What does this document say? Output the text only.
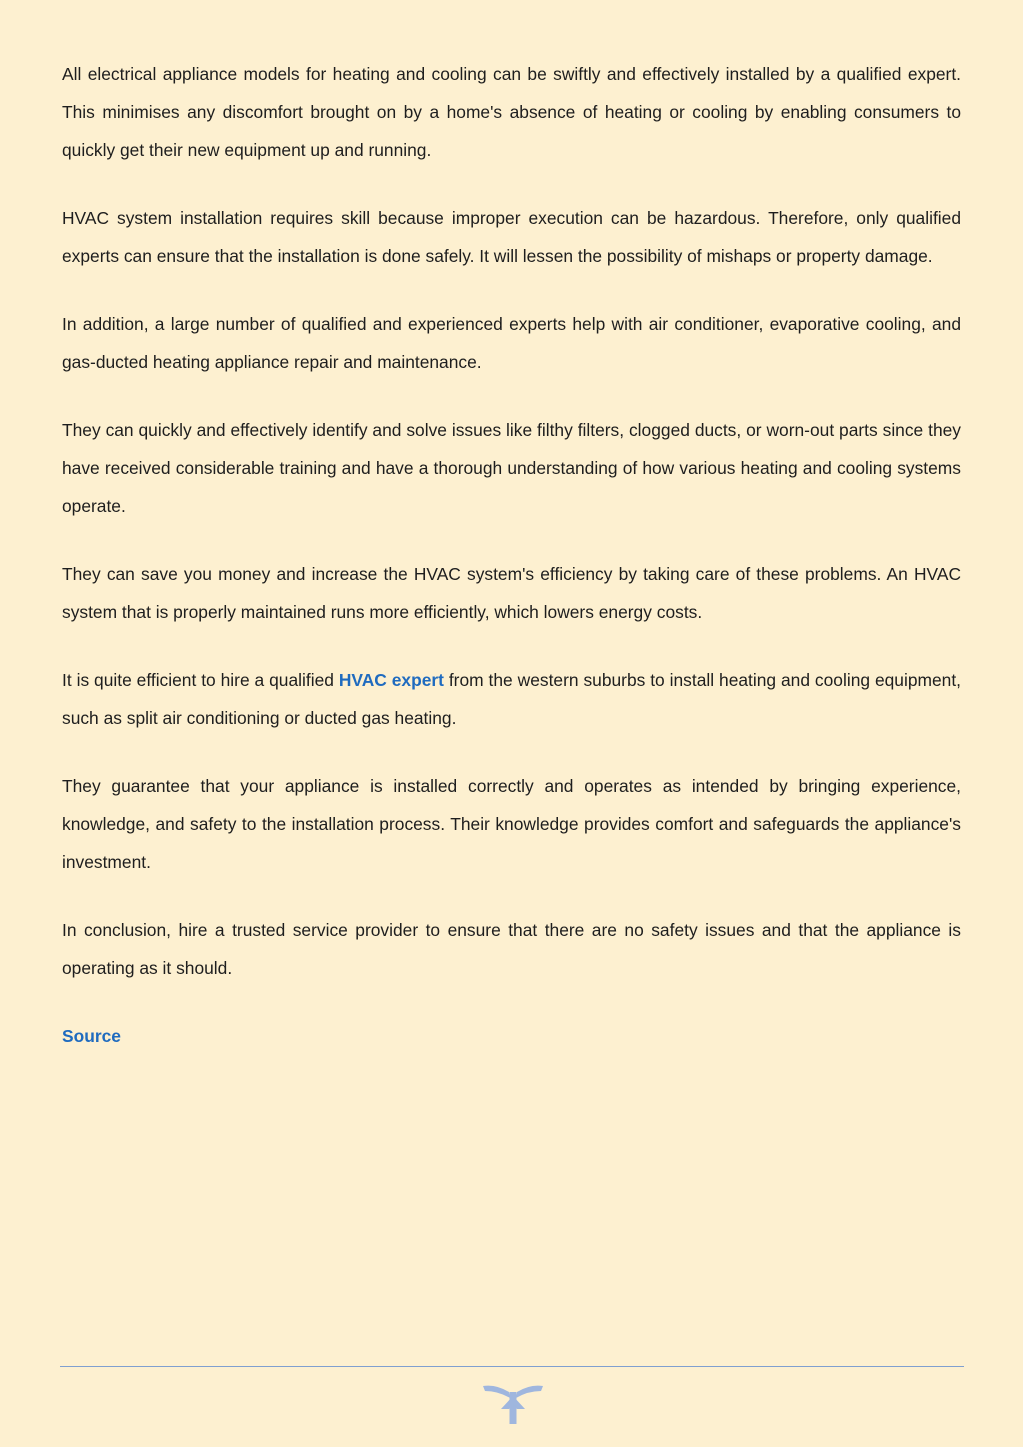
All electrical appliance models for heating and cooling can be swiftly and effectively installed by a qualified expert. This minimises any discomfort brought on by a home's absence of heating or cooling by enabling consumers to quickly get their new equipment up and running.

HVAC system installation requires skill because improper execution can be hazardous. Therefore, only qualified experts can ensure that the installation is done safely. It will lessen the possibility of mishaps or property damage.

In addition, a large number of qualified and experienced experts help with air conditioner, evaporative cooling, and gas-ducted heating appliance repair and maintenance.

They can quickly and effectively identify and solve issues like filthy filters, clogged ducts, or worn-out parts since they have received considerable training and have a thorough understanding of how various heating and cooling systems operate.

They can save you money and increase the HVAC system's efficiency by taking care of these problems. An HVAC system that is properly maintained runs more efficiently, which lowers energy costs.

It is quite efficient to hire a qualified HVAC expert from the western suburbs to install heating and cooling equipment, such as split air conditioning or ducted gas heating.

They guarantee that your appliance is installed correctly and operates as intended by bringing experience, knowledge, and safety to the installation process. Their knowledge provides comfort and safeguards the appliance's investment.

In conclusion, hire a trusted service provider to ensure that there are no safety issues and that the appliance is operating as it should.

Source
